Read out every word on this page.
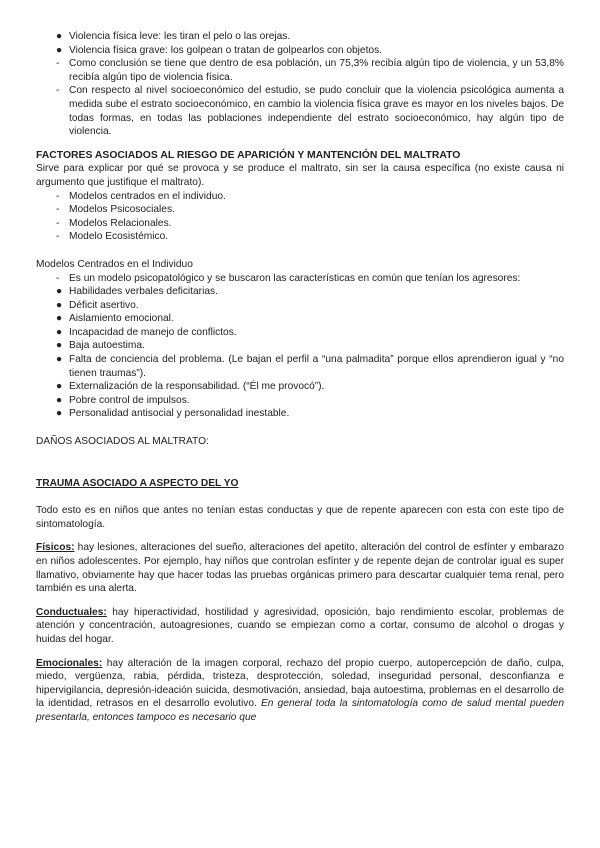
● Violencia física leve: les tiran el pelo o las orejas.
● Violencia física grave: los golpean o tratan de golpearlos con objetos.
- Como conclusión se tiene que dentro de esa población, un 75,3% recibía algún tipo de violencia, y un 53,8% recibía algún tipo de violencia física.
- Con respecto al nivel socioeconómico del estudio, se pudo concluir que la violencia psicológica aumenta a medida sube el estrato socioeconómico, en cambio la violencia física grave es mayor en los niveles bajos. De todas formas, en todas las poblaciones independiente del estrato socioeconómico, hay algún tipo de violencia.
FACTORES ASOCIADOS AL RIESGO DE APARICIÓN Y MANTENCIÓN DEL MALTRATO

Sirve para explicar por qué se provoca y se produce el maltrato, sin ser la causa específica (no existe causa ni argumento que justifique el maltrato).

- Modelos centrados en el individuo.
- Modelos Psicosociales.
- Modelos Relacionales.
- Modelo Ecosistémico.
Modelos Centrados en el Individuo
- Es un modelo psicopatológico y se buscaron las características en común que tenían los agresores:
● Habilidades verbales deficitarias.
● Déficit asertivo.
● Aislamiento emocional.
● Incapacidad de manejo de conflictos.
● Baja autoestima.
● Falta de conciencia del problema. (Le bajan el perfil a “una palmadita” porque ellos aprendieron igual y “no tienen traumas”).
● Externalización de la responsabilidad. (“Él me provocó”).
● Pobre control de impulsos.
● Personalidad antisocial y personalidad inestable.
DAÑOS ASOCIADOS AL MALTRATO:
TRAUMA ASOCIADO A ASPECTO DEL YO

Todo esto es en niños que antes no tenían estas conductas y que de repente aparecen con esta con este tipo de sintomatología.

Físicos: hay lesiones, alteraciones del sueño, alteraciones del apetito, alteración del control de esfínter y embarazo en niños adolescentes. Por ejemplo, hay niños que controlan esfínter y de repente dejan de controlar igual es super llamativo, obviamente hay que hacer todas las pruebas orgánicas primero para descartar cualquier tema renal, pero también es una alerta.

Conductuales: hay hiperactividad, hostilidad y agresividad, oposición, bajo rendimiento escolar, problemas de atención y concentración, autoagresiones, cuando se empiezan como a cortar, consumo de alcohol o drogas y huidas del hogar.

Emocionales: hay alteración de la imagen corporal, rechazo del propio cuerpo, autopercepción de daño, culpa, miedo, vergüenza, rabia, pérdida, tristeza, desprotección, soledad, inseguridad personal, desconfianza e hipervigilancia, depresión-ideación suicida, desmotivación, ansiedad, baja autoestima, problemas en el desarrollo de la identidad, retrasos en el desarrollo evolutivo. En general toda la sintomatología como de salud mental pueden presentarla, entonces tampoco es necesario que
